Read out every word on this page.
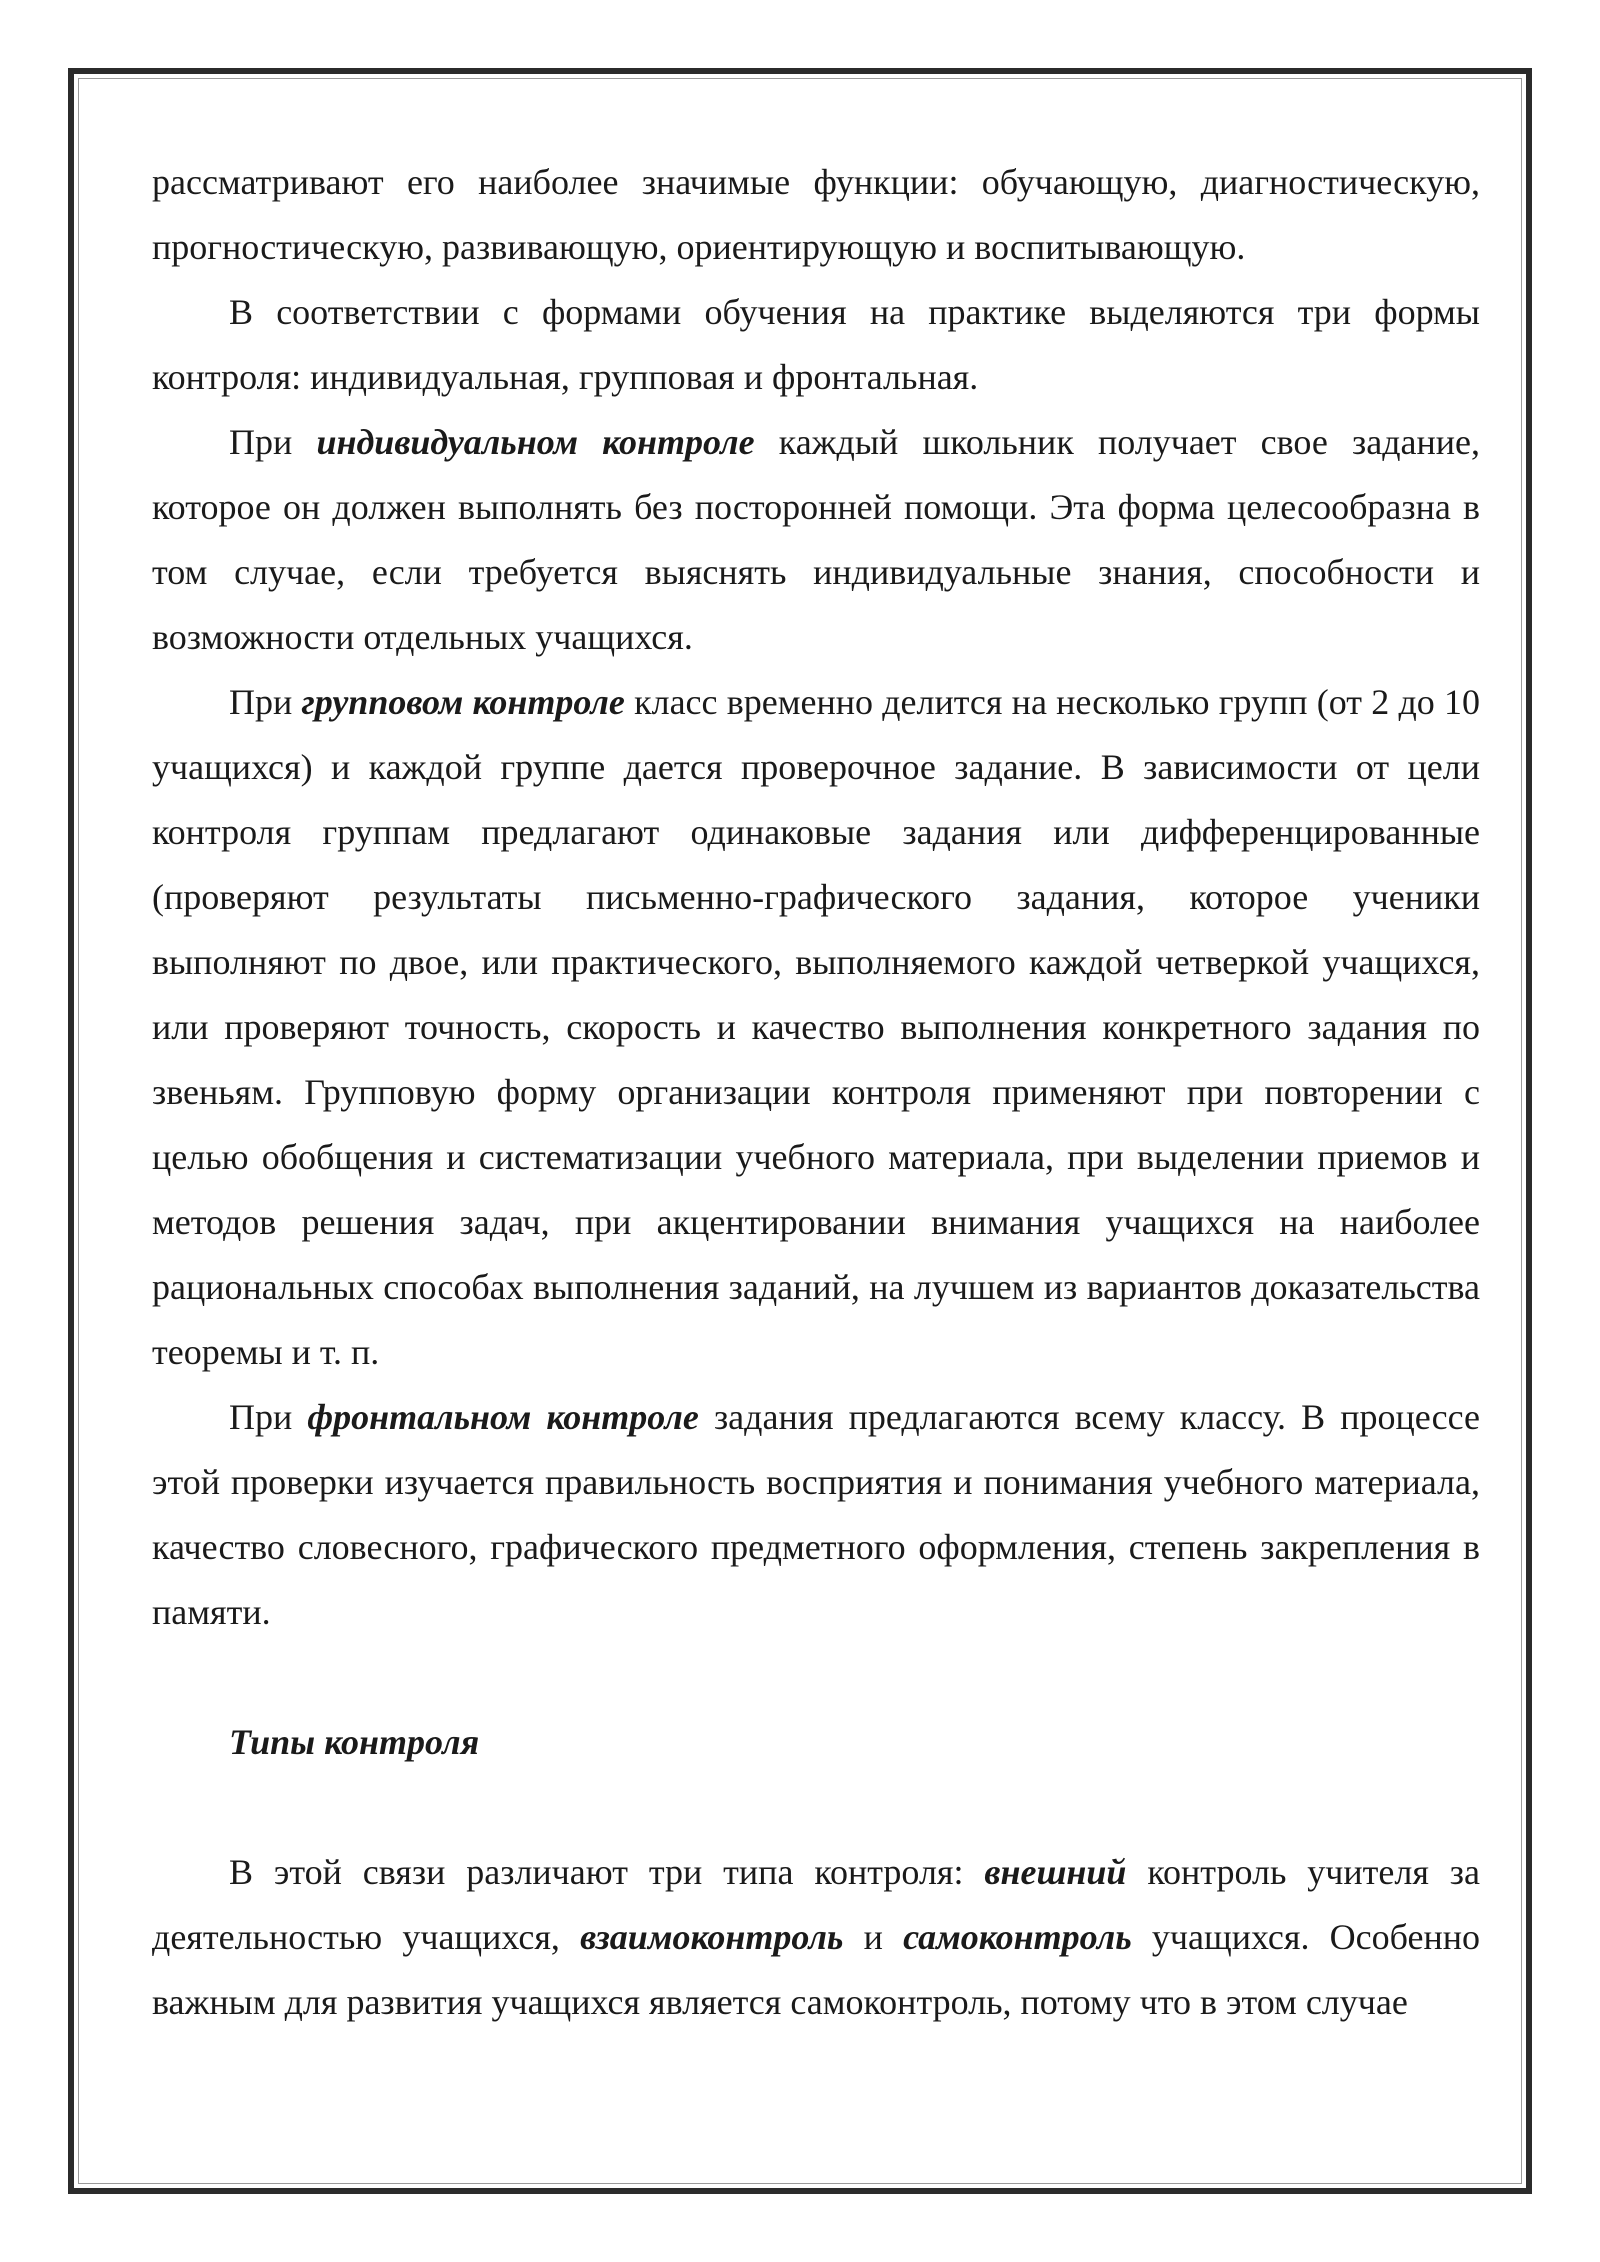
рассматривают его наиболее значимые функции: обучающую, диагностическую, прогностическую, развивающую, ориентирующую и воспитывающую.

В соответствии с формами обучения на практике выделяются три формы контроля: индивидуальная, групповая и фронтальная.

При индивидуальном контроле каждый школьник получает свое задание, которое он должен выполнять без посторонней помощи. Эта форма целесообразна в том случае, если требуется выяснять индивидуальные знания, способности и возможности отдельных учащихся.

При групповом контроле класс временно делится на несколько групп (от 2 до 10 учащихся) и каждой группе дается проверочное задание. В зависимости от цели контроля группам предлагают одинаковые задания или дифференцированные (проверяют результаты письменно-графического задания, которое ученики выполняют по двое, или практического, выполняемого каждой четверкой учащихся, или проверяют точность, скорость и качество выполнения конкретного задания по звеньям. Групповую форму организации контроля применяют при повторении с целью обобщения и систематизации учебного материала, при выделении приемов и методов решения задач, при акцентировании внимания учащихся на наиболее рациональных способах выполнения заданий, на лучшем из вариантов доказательства теоремы и т. п.

При фронтальном контроле задания предлагаются всему классу. В процессе этой проверки изучается правильность восприятия и понимания учебного материала, качество словесного, графического предметного оформления, степень закрепления в памяти.

Типы контроля

В этой связи различают три типа контроля: внешний контроль учителя за деятельностью учащихся, взаимоконтроль и самоконтроль учащихся. Особенно важным для развития учащихся является самоконтроль, потому что в этом случае
